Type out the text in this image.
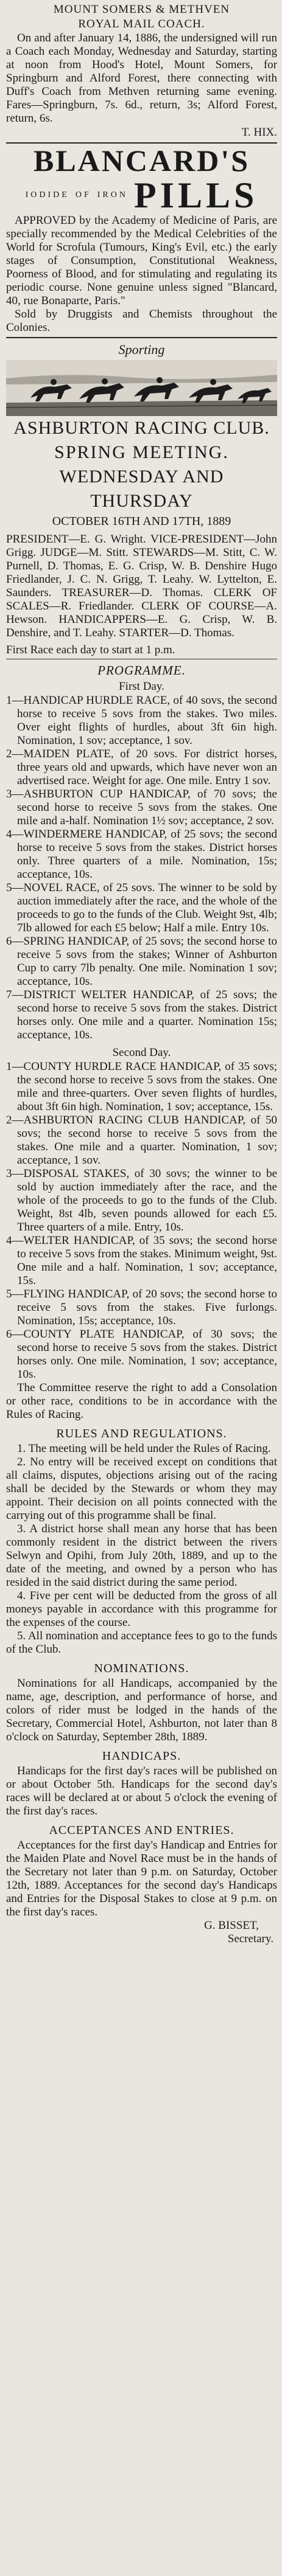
MOUNT SOMERS & METHVEN

ROYAL MAIL COACH.

On and after January 14, 1886, the undersigned will run a Coach each Monday, Wednesday and Saturday, starting at noon from Hood's Hotel, Mount Somers, for Springburn and Alford Forest, there connecting with Duff's Coach from Methven returning same evening. Fares—Springburn, 7s. 6d., return, 3s; Alford Forest, return, 6s.

T. HIX.

BLANCARD'S

IODIDE OF IRON PILLS

APPROVED by the Academy of Medicine of Paris, are specially recommended by the Medical Celebrities of the World for Scrofula (Tumours, King's Evil, etc.) the early stages of Consumption, Constitutional Weakness, Poorness of Blood, and for stimulating and regulating its periodic course. None genuine unless signed "Blancard, 40, rue Bonaparte, Paris."

Sold by Druggists and Chemists throughout the Colonies.

Sporting

ASHBURTON RACING CLUB.

SPRING MEETING.

WEDNESDAY AND THURSDAY

OCTOBER 16TH AND 17TH, 1889

PRESIDENT—E. G. Wright. VICE-PRESIDENT—John Grigg. JUDGE—M. Stitt. STEWARDS—M. Stitt, C. W. Purnell, D. Thomas, E. G. Crisp, W. B. Denshire Hugo Friedlander, J. C. N. Grigg, T. Leahy. W. Lyttelton, E. Saunders. TREASURER—D. Thomas. CLERK OF SCALES—R. Friedlander. CLERK OF COURSE—A. Hewson. HANDICAPPERS—E. G. Crisp, W. B. Denshire, and T. Leahy. STARTER—D. Thomas.

First Race each day to start at 1 p.m.

PROGRAMME.

First Day.

1—HANDICAP HURDLE RACE, of 40 sovs, the second horse to receive 5 sovs from the stakes. Two miles. Over eight flights of hurdles, about 3ft 6in high. Nomination, 1 sov; acceptance, 1 sov.

2—MAIDEN PLATE, of 20 sovs. For district horses, three years old and upwards, which have never won an advertised race. Weight for age. One mile. Entry 1 sov.

3—ASHBURTON CUP HANDICAP, of 70 sovs; the second horse to receive 5 sovs from the stakes. One mile and a-half. Nomination 1½ sov; acceptance, 2 sov.

4—WINDERMERE HANDICAP, of 25 sovs; the second horse to receive 5 sovs from the stakes. District horses only. Three quarters of a mile. Nomination, 15s; acceptance, 10s.

5—NOVEL RACE, of 25 sovs. The winner to be sold by auction immediately after the race, and the whole of the proceeds to go to the funds of the Club. Weight 9st, 4lb; 7lb allowed for each £5 below; Half a mile. Entry 10s.

6—SPRING HANDICAP, of 25 sovs; the second horse to receive 5 sovs from the stakes; Winner of Ashburton Cup to carry 7lb penalty. One mile. Nomination 1 sov; acceptance, 10s.

7—DISTRICT WELTER HANDICAP, of 25 sovs; the second horse to receive 5 sovs from the stakes. District horses only. One mile and a quarter. Nomination 15s; acceptance, 10s.

Second Day.

1—COUNTY HURDLE RACE HANDICAP, of 35 sovs; the second horse to receive 5 sovs from the stakes. One mile and three-quarters. Over seven flights of hurdles, about 3ft 6in high. Nomination, 1 sov; acceptance, 15s.

2—ASHBURTON RACING CLUB HANDICAP, of 50 sovs; the second horse to receive 5 sovs from the stakes. One mile and a quarter. Nomination, 1 sov; acceptance, 1 sov.

3—DISPOSAL STAKES, of 30 sovs; the winner to be sold by auction immediately after the race, and the whole of the proceeds to go to the funds of the Club. Weight, 8st 4lb, seven pounds allowed for each £5. Three quarters of a mile. Entry, 10s.

4—WELTER HANDICAP, of 35 sovs; the second horse to receive 5 sovs from the stakes. Minimum weight, 9st. One mile and a half. Nomination, 1 sov; acceptance, 15s.

5—FLYING HANDICAP, of 20 sovs; the second horse to receive 5 sovs from the stakes. Five furlongs. Nomination, 15s; acceptance, 10s.

6—COUNTY PLATE HANDICAP, of 30 sovs; the second horse to receive 5 sovs from the stakes. District horses only. One mile. Nomination, 1 sov; acceptance, 10s.

The Committee reserve the right to add a Consolation or other race, conditions to be in accordance with the Rules of Racing.

RULES AND REGULATIONS.

1. The meeting will be held under the Rules of Racing.

2. No entry will be received except on conditions that all claims, disputes, objections arising out of the racing shall be decided by the Stewards or whom they may appoint. Their decision on all points connected with the carrying out of this programme shall be final.

3. A district horse shall mean any horse that has been commonly resident in the district between the rivers Selwyn and Opihi, from July 20th, 1889, and up to the date of the meeting, and owned by a person who has resided in the said district during the same period.

4. Five per cent will be deducted from the gross of all moneys payable in accordance with this programme for the expenses of the course.

5. All nomination and acceptance fees to go to the funds of the Club.

NOMINATIONS.

Nominations for all Handicaps, accompanied by the name, age, description, and performance of horse, and colors of rider must be lodged in the hands of the Secretary, Commercial Hotel, Ashburton, not later than 8 o'clock on Saturday, September 28th, 1889.

HANDICAPS.

Handicaps for the first day's races will be published on or about October 5th. Handicaps for the second day's races will be declared at or about 5 o'clock the evening of the first day's races.

ACCEPTANCES AND ENTRIES.

Acceptances for the first day's Handicap and Entries for the Maiden Plate and Novel Race must be in the hands of the Secretary not later than 9 p.m. on Saturday, October 12th, 1889. Acceptances for the second day's Handicaps and Entries for the Disposal Stakes to close at 9 p.m. on the first day's races.

G. BISSET,

Secretary.
